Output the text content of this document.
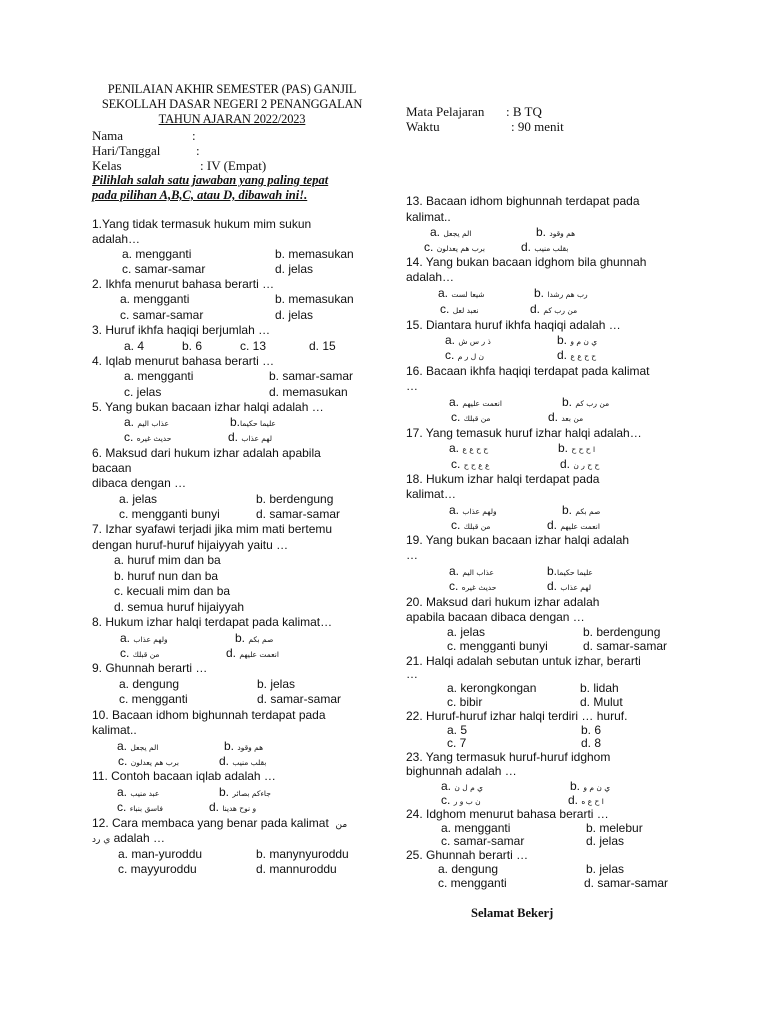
PENILAIAN AKHIR SEMESTER (PAS) GANJIL
SEKOLLAH DASAR NEGERI 2 PENANGGALAN
TAHUN AJARAN 2022/2023
Nama	:
Hari/Tanggal	:
Kelas	: IV (Empat)
Mata Pelajaran : B TQ
Waktu	: 90 menit
Pilihlah salah satu jawaban yang paling tepat
pada pilihan A,B,C, atau D, dibawah ini!.
1.Yang tidak termasuk hukum mim sukun
adalah…
a. mengganti	b. memasukan
c. samar-samar	d. jelas
2. Ikhfa menurut bahasa berarti …
a. mengganti	b. memasukan
c. samar-samar	d. jelas
3. Huruf ikhfa haqiqi berjumlah …
a. 4	b. 6	c. 13	d. 15
4. Iqlab menurut bahasa berarti …
a. mengganti	b. samar-samar
c. jelas	d. memasukan
5. Yang bukan bacaan izhar halqi adalah …
a. عذاب اليم	b.عليما حكيما
c. حديث غيره	d. لهم عذاب
6. Maksud dari hukum izhar adalah apabila
bacaan
dibaca dengan …
a. jelas	b. berdengung
c. mengganti bunyi	d. samar-samar
7. Izhar syafawi terjadi jika mim mati bertemu
dengan huruf-huruf hijaiyyah yaitu …
a. huruf mim dan ba
b. huruf nun dan ba
c. kecuali mim dan ba
d. semua huruf hijaiyyah
8. Hukum izhar halqi terdapat pada kalimat…
a. ولهم عذاب	b. صم بكم
c. من قبلك	d. انعمت عليهم
9. Ghunnah berarti …
a. dengung	b. jelas
c. mengganti	d. samar-samar
10. Bacaan idhom bighunnah terdapat pada
kalimat..
a. الم يجعل	b. هم وقود
c. برب هم يعدلون	d. بقلب منيب
11. Contoh bacaan iqlab adalah …
a. عبد منيب	b. جاءكم بصائر
c. فاسق بنباء	d. و نوح هدينا
12. Cara membaca yang benar pada kalimat من
ي رد adalah …
a. man-yuroddu	b. manynyuroddu
c. mayyuroddu	d. mannuroddu
13. Bacaan idhom bighunnah terdapat pada
kalimat..
a. الم يجعل	b. هم وقود
c. برب هم يعدلون	d. بقلب منيب
14. Yang bukan bacaan idghom bila ghunnah
adalah…
a. شيعا لست	b. رب هم رشدا
c. نعبد لعل	d. من رب كم
15. Diantara huruf ikhfa haqiqi adalah …
a. ذ ر س ش	b. ي ن م و
c. ن ل ر م	d. ح ح ع ع
16. Bacaan ikhfa haqiqi terdapat pada kalimat
…
a. انعمت عليهم	b. من رب كم
c. من قبلك	d. من بعد
17. Yang temasuk huruf izhar halqi adalah…
a. ح ح ع ع	b. ا ح ح ح
c. ع ع ح ح	d. ح ح ر ن
18. Hukum izhar halqi terdapat pada
kalimat…
a. ولهم عذاب	b. صم بكم
c. من قبلك	d. انعمت عليهم
19. Yang bukan bacaan izhar halqi adalah
…
a. عذاب اليم	b.عليما حكيما
c. حديث غيره	d. لهم عذاب
20. Maksud dari hukum izhar adalah
apabila bacaan dibaca dengan …
a. jelas	b. berdengung
c. mengganti bunyi	d. samar-samar
21. Halqi adalah sebutan untuk izhar, berarti
…
a. kerongkongan	b. lidah
c. bibir	d. Mulut
22. Huruf-huruf izhar halqi terdiri … huruf.
a. 5	b. 6
c. 7	d. 8
23. Yang termasuk huruf-huruf idghom
bighunnah adalah …
a. ي م ل ن	b. ي ن م و
c. ن ب و ر	d. ا ح ع ه
24. Idghom menurut bahasa berarti …
a. mengganti	b. melebur
c. samar-samar	d. jelas
25. Ghunnah berarti …
a. dengung	b. jelas
c. mengganti	d. samar-samar
Selamat Bekerj
